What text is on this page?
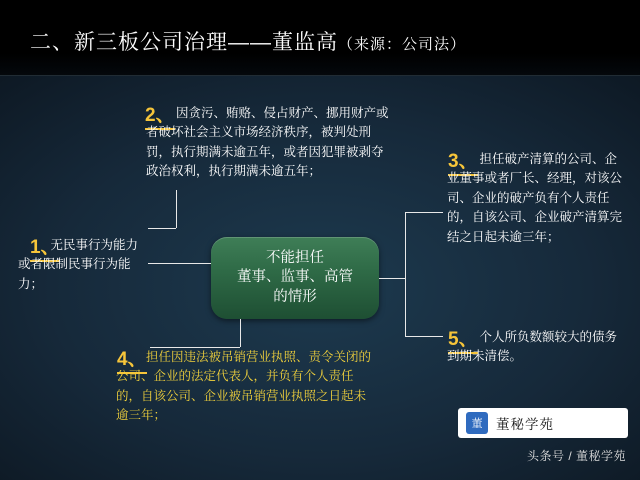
二、新三板公司治理——董监高（来源：公司法）
不能担任
董事、监事、高管
的情形
1、
无民事行为能力或者限制民事行为能力；
2、 因贪污、贿赂、侵占财产、挪用财产或者破坏社会主义市场经济秩序，被判处刑罚，执行期满未逾五年，或者因犯罪被剥夺政治权利，执行期满未逾五年；	3、 担任破产清算的公司、企业董事或者厂长、经理，对该公司、企业的破产负有个人责任的，自该公司、企业破产清算完结之日起未逾三年；
4、 担任因违法被吊销营业执照、责令关闭的公司、企业的法定代表人，并负有个人责任的，自该公司、企业被吊销营业执照之日起未逾三年；
5、 个人所负数额较大的债务到期未清偿。
董	董秘学苑
头条号 / 董秘学苑
